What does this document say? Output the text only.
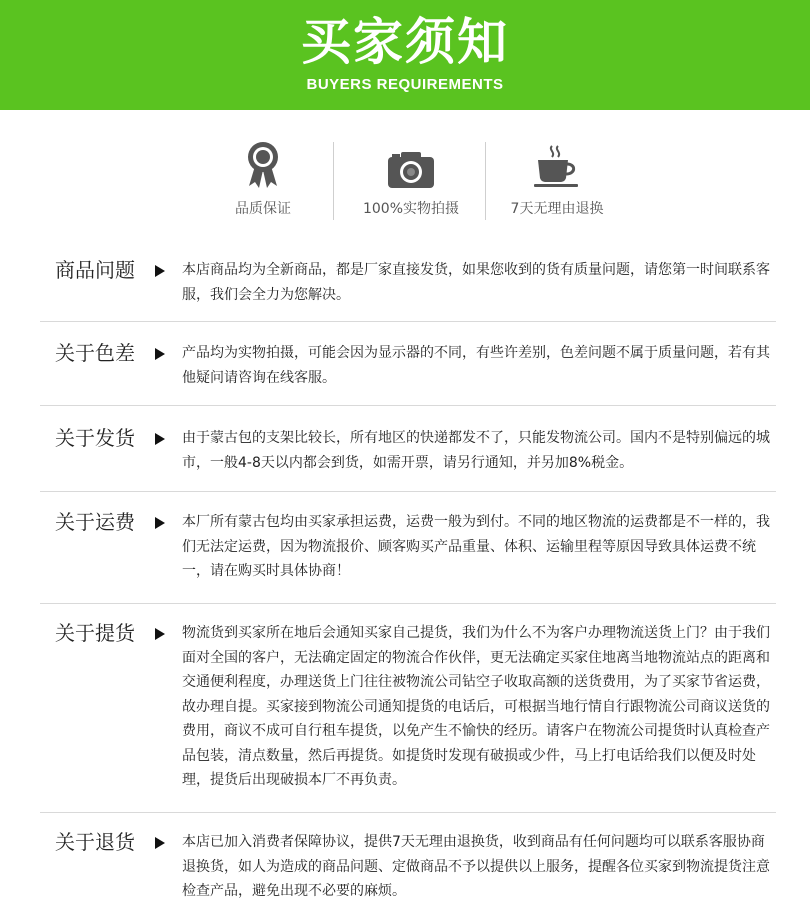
买家须知
BUYERS REQUIREMENTS
品质保证	100%实物拍摄	7天无理由退换
商品问题	本店商品均为全新商品，都是厂家直接发货，如果您收到的货有质量问题，请您第一时间联系客服，我们会全力为您解决。
关于色差	产品均为实物拍摄，可能会因为显示器的不同，有些许差别，色差问题不属于质量问题，若有其他疑问请咨询在线客服。
关于发货	由于蒙古包的支架比较长，所有地区的快递都发不了，只能发物流公司。国内不是特别偏远的城市，一般4-8天以内都会到货，如需开票，请另行通知，并另加8%税金。
关于运费	本厂所有蒙古包均由买家承担运费，运费一般为到付。不同的地区物流的运费都是不一样的，我们无法定运费，因为物流报价、顾客购买产品重量、体积、运输里程等原因导致具体运费不统一，请在购买时具体协商！
关于提货	物流货到买家所在地后会通知买家自己提货，我们为什么不为客户办理物流送货上门？由于我们面对全国的客户，无法确定固定的物流合作伙伴，更无法确定买家住地离当地物流站点的距离和交通便利程度，办理送货上门往往被物流公司钻空子收取高额的送货费用，为了买家节省运费，故办理自提。买家接到物流公司通知提货的电话后，可根据当地行情自行跟物流公司商议送货的费用，商议不成可自行租车提货，以免产生不愉快的经历。请客户在物流公司提货时认真检查产品包装，清点数量，然后再提货。如提货时发现有破损或少件，马上打电话给我们以便及时处理，提货后出现破损本厂不再负责。
关于退货	本店已加入消费者保障协议，提供7天无理由退换货，收到商品有任何问题均可以联系客服协商退换货，如人为造成的商品问题、定做商品不予以提供以上服务，提醒各位买家到物流提货注意检查产品，避免出现不必要的麻烦。
